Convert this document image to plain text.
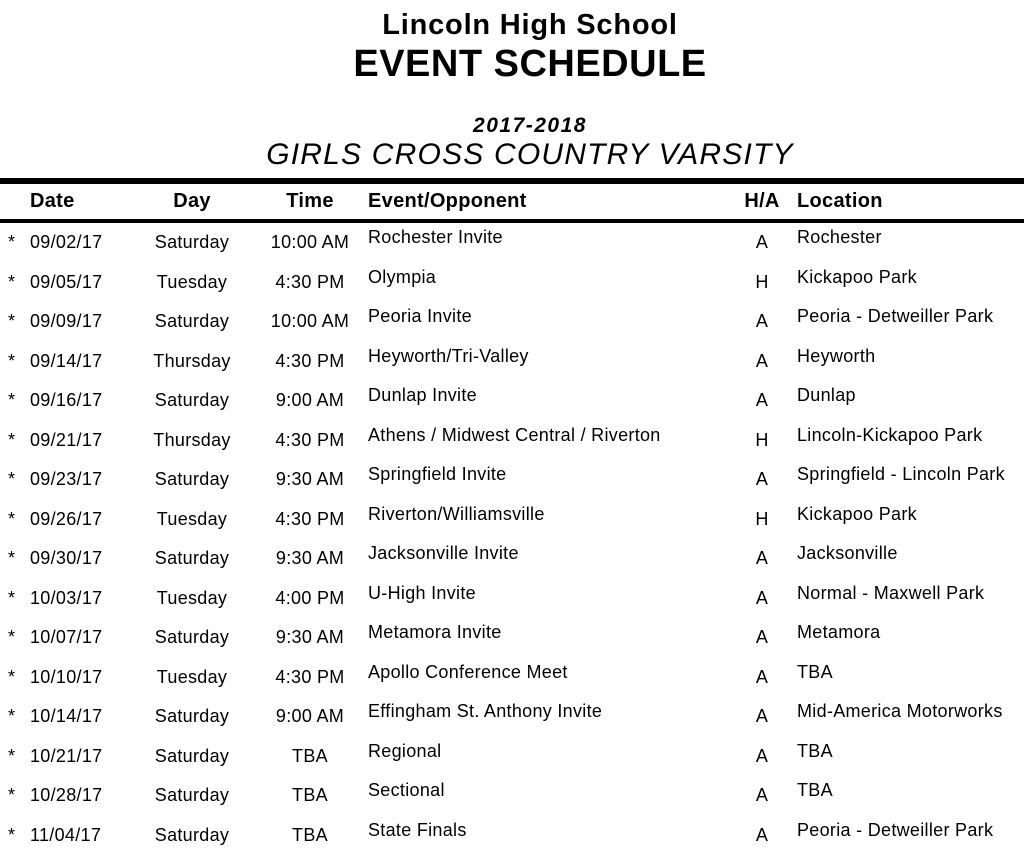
Lincoln High School
EVENT SCHEDULE
2017-2018
GIRLS CROSS COUNTRY VARSITY
Date	Day	Time	Event/Opponent	H/A Location
* 09/02/17	Saturday	10:00 AM	Rochester Invite	A	Rochester
* 09/05/17	Tuesday	4:30 PM	Olympia	H	Kickapoo Park
* 09/09/17	Saturday	10:00 AM	Peoria Invite	A	Peoria - Detweiller Park
* 09/14/17	Thursday	4:30 PM	Heyworth/Tri-Valley	A	Heyworth
* 09/16/17	Saturday	9:00 AM	Dunlap Invite	A	Dunlap
* 09/21/17	Thursday	4:30 PM	Athens / Midwest Central / Riverton	H	Lincoln-Kickapoo Park
* 09/23/17	Saturday	9:30 AM	Springfield Invite	A	Springfield - Lincoln Park
* 09/26/17	Tuesday	4:30 PM	Riverton/Williamsville	H	Kickapoo Park
* 09/30/17	Saturday	9:30 AM	Jacksonville Invite	A	Jacksonville
* 10/03/17	Tuesday	4:00 PM	U-High Invite	A	Normal - Maxwell Park
* 10/07/17	Saturday	9:30 AM	Metamora Invite	A	Metamora
* 10/10/17	Tuesday	4:30 PM	Apollo Conference Meet	A	TBA
* 10/14/17	Saturday	9:00 AM	Effingham St. Anthony Invite	A	Mid-America Motorworks
* 10/21/17	Saturday	TBA	Regional	A	TBA
* 10/28/17	Saturday	TBA	Sectional	A	TBA
* 11/04/17	Saturday	TBA	State Finals	A	Peoria - Detweiller Park
